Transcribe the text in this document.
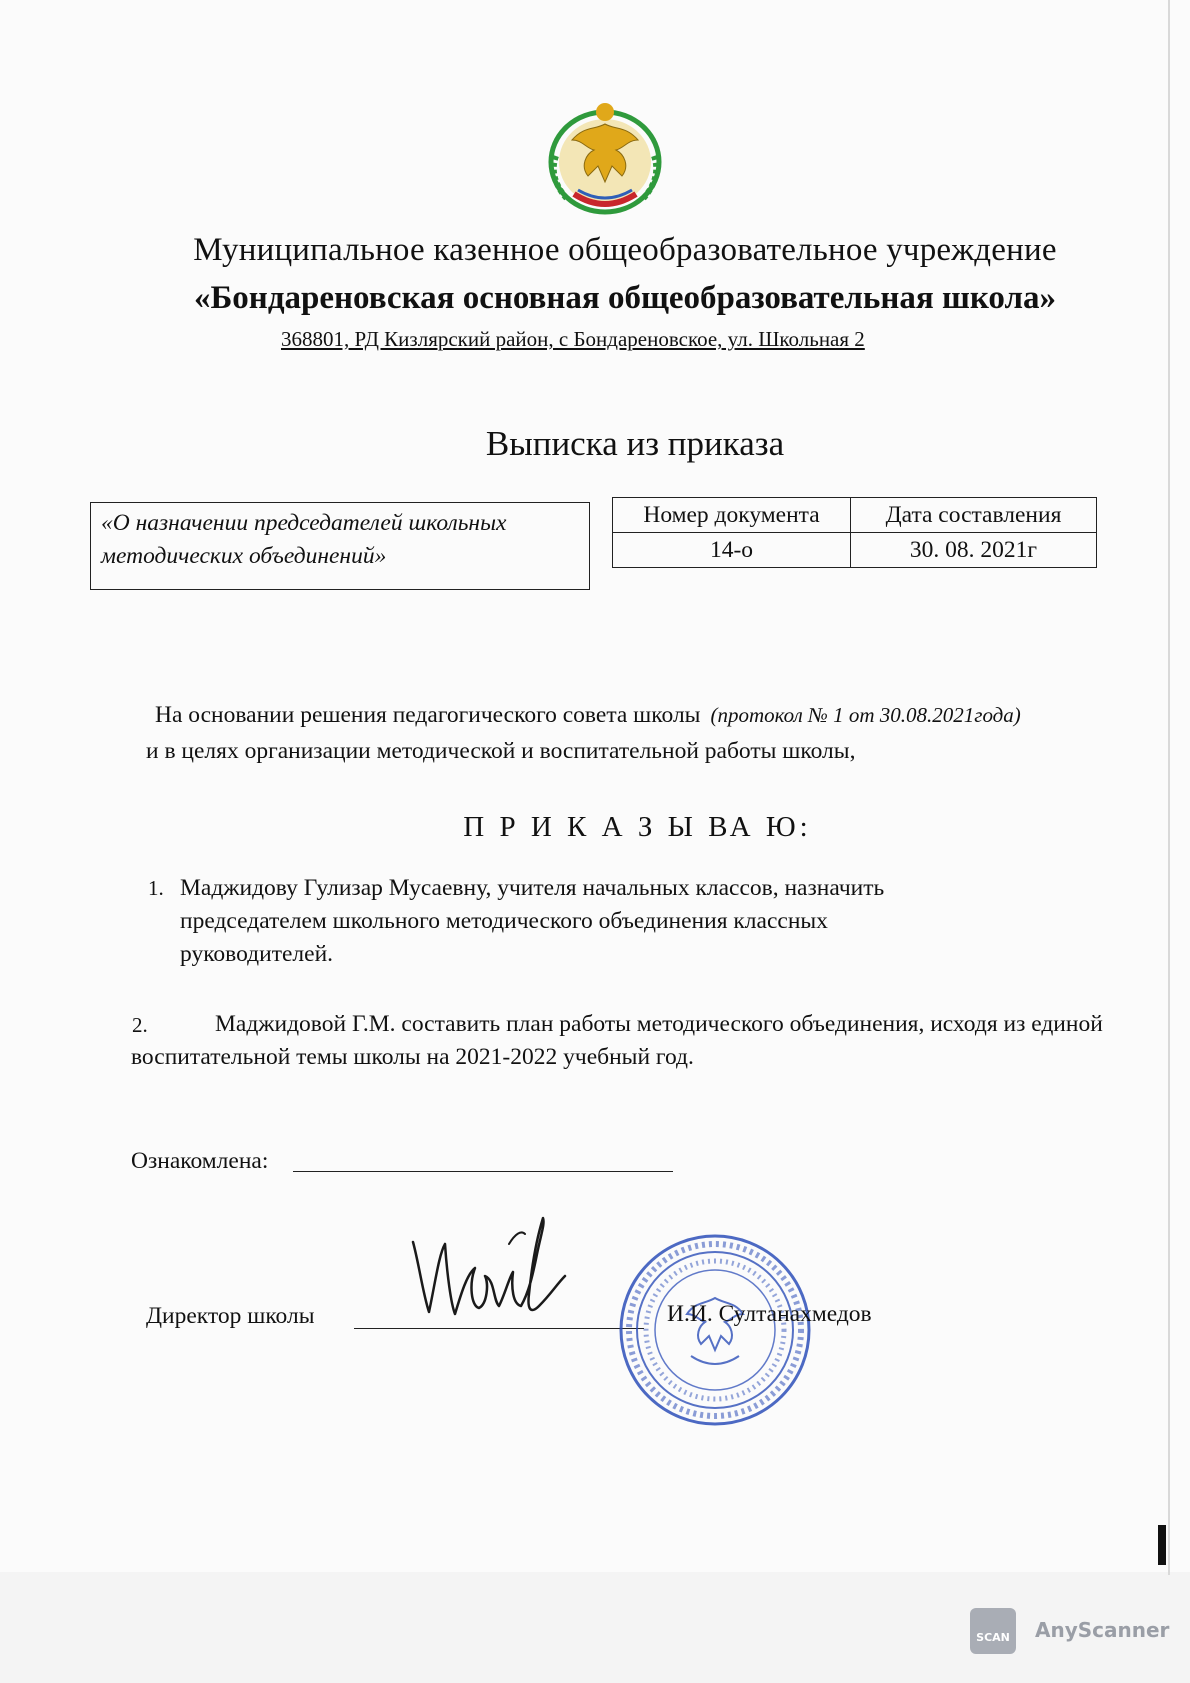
Муниципальное казенное общеобразовательное учреждение
«Бондареновская основная общеобразовательная школа»
368801, РД Кизлярский район, с Бондареновское, ул. Школьная 2
Выписка из приказа
«О назначении председателей школьных
методических объединений»
Номер документа	Дата составления
14-о	30. 08. 2021г
На основании решения педагогического совета школы (протокол № 1 от 30.08.2021года)
и в целях организации методической и воспитательной работы школы,
П Р И К А З Ы ВА Ю:
1. Маджидову Гулизар Мусаевну, учителя начальных классов, назначить
председателем школьного методического объединения классных
руководителей.
2.	Маджидовой Г.М. составить план работы методического объединения, исходя из единой воспитательной темы школы на 2021-2022 учебный год.
Ознакомлена:
Директор школы	И.И. Султанахмедов
SCAN	AnyScanner
